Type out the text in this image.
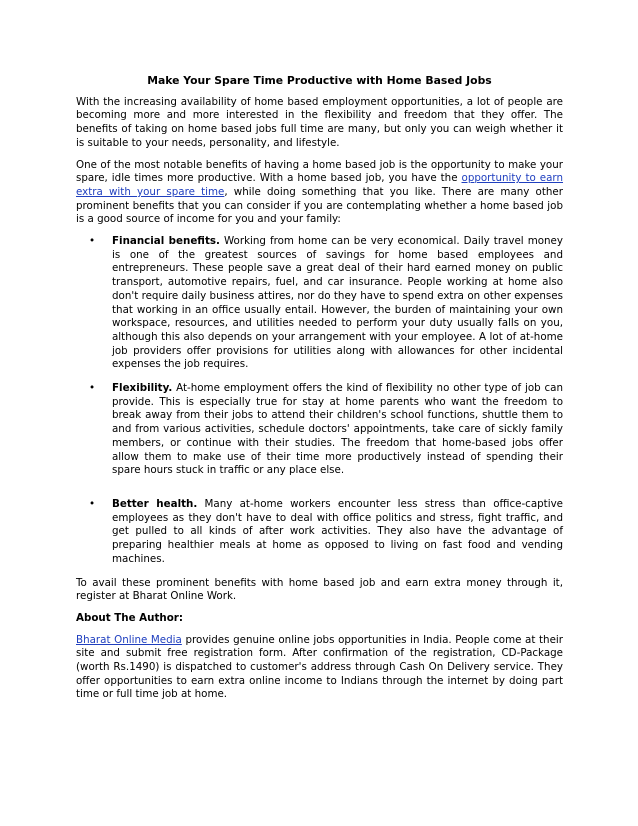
Make Your Spare Time Productive with Home Based Jobs

With the increasing availability of home based employment opportunities, a lot of people are becoming more and more interested in the flexibility and freedom that they offer. The benefits of taking on home based jobs full time are many, but only you can weigh whether it is suitable to your needs, personality, and lifestyle.

One of the most notable benefits of having a home based job is the opportunity to make your spare, idle times more productive. With a home based job, you have the opportunity to earn extra with your spare time, while doing something that you like. There are many other prominent benefits that you can consider if you are contemplating whether a home based job is a good source of income for you and your family:

• Financial benefits. Working from home can be very economical. Daily travel money is one of the greatest sources of savings for home based employees and entrepreneurs. These people save a great deal of their hard earned money on public transport, automotive repairs, fuel, and car insurance. People working at home also don't require daily business attires, nor do they have to spend extra on other expenses that working in an office usually entail. However, the burden of maintaining your own workspace, resources, and utilities needed to perform your duty usually falls on you, although this also depends on your arrangement with your employee. A lot of at-home job providers offer provisions for utilities along with allowances for other incidental expenses the job requires.
• Flexibility. At-home employment offers the kind of flexibility no other type of job can provide. This is especially true for stay at home parents who want the freedom to break away from their jobs to attend their children's school functions, shuttle them to and from various activities, schedule doctors' appointments, take care of sickly family members, or continue with their studies. The freedom that home-based jobs offer allow them to make use of their time more productively instead of spending their spare hours stuck in traffic or any place else.
• Better health. Many at-home workers encounter less stress than office-captive employees as they don't have to deal with office politics and stress, fight traffic, and get pulled to all kinds of after work activities. They also have the advantage of preparing healthier meals at home as opposed to living on fast food and vending machines.

To avail these prominent benefits with home based job and earn extra money through it, register at Bharat Online Work.

About The Author:

Bharat Online Media provides genuine online jobs opportunities in India. People come at their site and submit free registration form. After confirmation of the registration, CD-Package (worth Rs.1490) is dispatched to customer's address through Cash On Delivery service. They offer opportunities to earn extra online income to Indians through the internet by doing part time or full time job at home.
